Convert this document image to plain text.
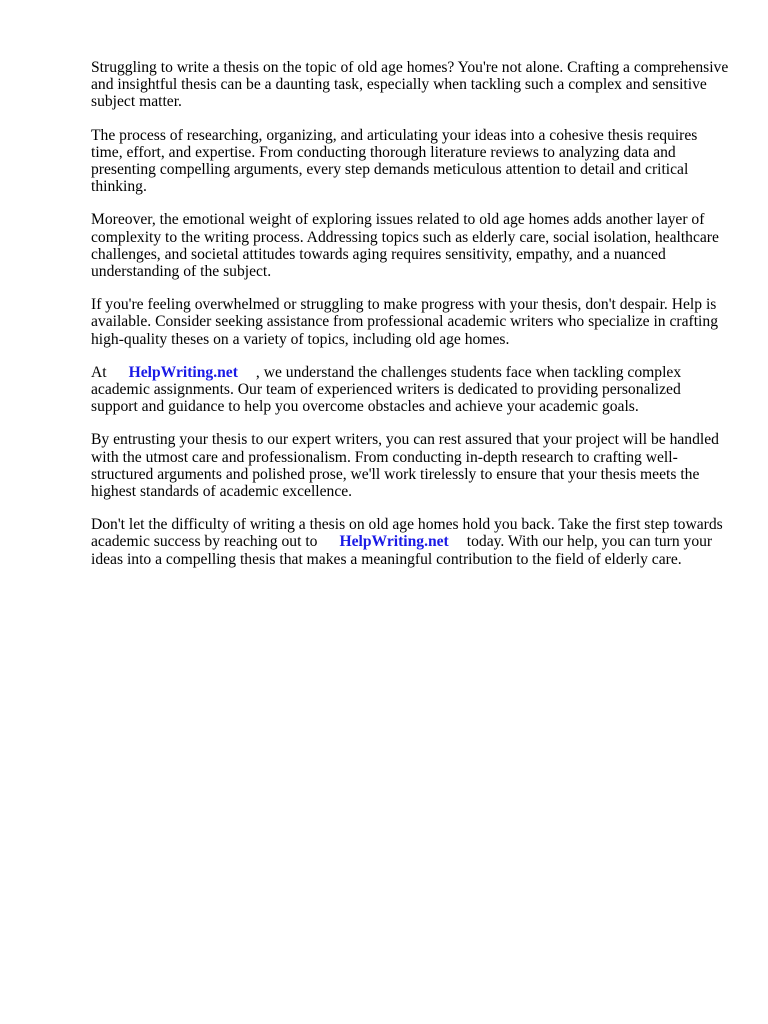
Struggling to write a thesis on the topic of old age homes? You're not alone. Crafting a comprehensive and insightful thesis can be a daunting task, especially when tackling such a complex and sensitive subject matter.

The process of researching, organizing, and articulating your ideas into a cohesive thesis requires time, effort, and expertise. From conducting thorough literature reviews to analyzing data and presenting compelling arguments, every step demands meticulous attention to detail and critical thinking.

Moreover, the emotional weight of exploring issues related to old age homes adds another layer of complexity to the writing process. Addressing topics such as elderly care, social isolation, healthcare challenges, and societal attitudes towards aging requires sensitivity, empathy, and a nuanced understanding of the subject.

If you're feeling overwhelmed or struggling to make progress with your thesis, don't despair. Help is available. Consider seeking assistance from professional academic writers who specialize in crafting high-quality theses on a variety of topics, including old age homes.

At HelpWriting.net , we understand the challenges students face when tackling complex academic assignments. Our team of experienced writers is dedicated to providing personalized support and guidance to help you overcome obstacles and achieve your academic goals.

By entrusting your thesis to our expert writers, you can rest assured that your project will be handled with the utmost care and professionalism. From conducting in-depth research to crafting well-structured arguments and polished prose, we'll work tirelessly to ensure that your thesis meets the highest standards of academic excellence.

Don't let the difficulty of writing a thesis on old age homes hold you back. Take the first step towards academic success by reaching out to HelpWriting.net today. With our help, you can turn your ideas into a compelling thesis that makes a meaningful contribution to the field of elderly care.
